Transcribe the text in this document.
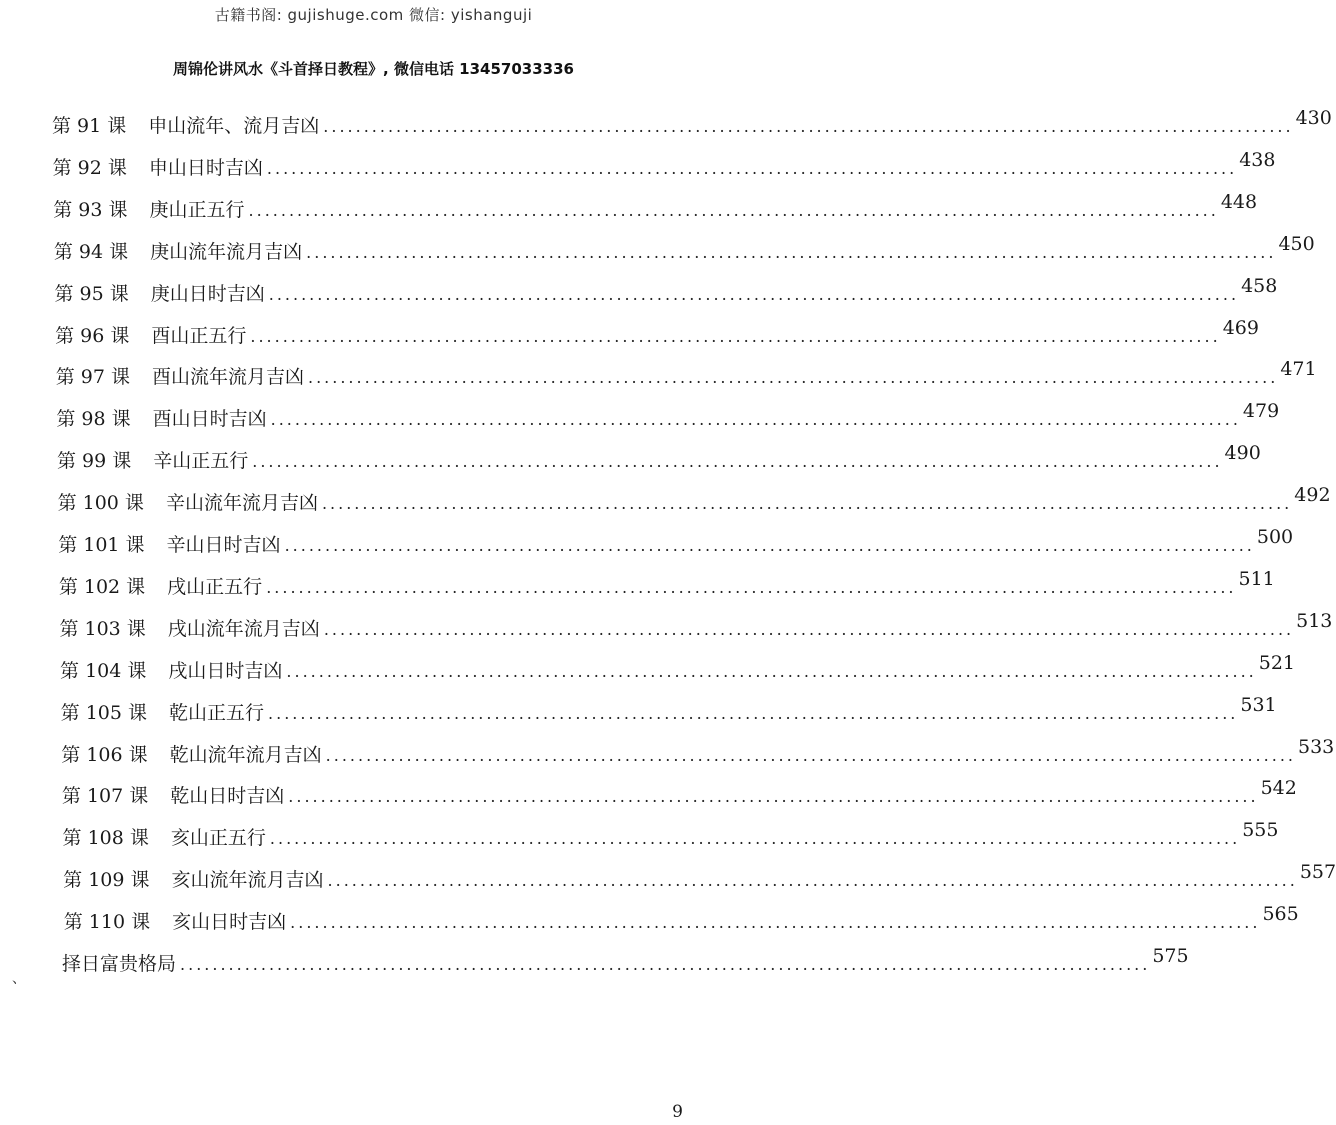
古籍书阁: gujishuge.com 微信: yishanguji
周锦伦讲风水《斗首择日教程》, 微信电话 13457033336
第 91 课 申山流年、流月吉凶 ........................................................................................................................ 430
第 92 课 申山日时吉凶 ........................................................................................................................ 438
第 93 课 庚山正五行 ........................................................................................................................ 448
第 94 课 庚山流年流月吉凶 ........................................................................................................................ 450
第 95 课 庚山日时吉凶 ........................................................................................................................ 458
第 96 课 酉山正五行 ........................................................................................................................ 469
第 97 课 酉山流年流月吉凶 ........................................................................................................................ 471
第 98 课 酉山日时吉凶 ........................................................................................................................ 479
第 99 课 辛山正五行 ........................................................................................................................ 490
第 100 课 辛山流年流月吉凶 ........................................................................................................................ 492
第 101 课 辛山日时吉凶 ........................................................................................................................ 500
第 102 课 戌山正五行 ........................................................................................................................ 511
第 103 课 戌山流年流月吉凶 ........................................................................................................................ 513
第 104 课 戌山日时吉凶 ........................................................................................................................ 521
第 105 课 乾山正五行 ........................................................................................................................ 531
第 106 课 乾山流年流月吉凶 ........................................................................................................................ 533
第 107 课 乾山日时吉凶 ........................................................................................................................ 542
第 108 课 亥山正五行 ........................................................................................................................ 555
第 109 课 亥山流年流月吉凶 ........................................................................................................................ 557
第 110 课 亥山日时吉凶 ........................................................................................................................ 565
择日富贵格局 ........................................................................................................................ 575
、
9
